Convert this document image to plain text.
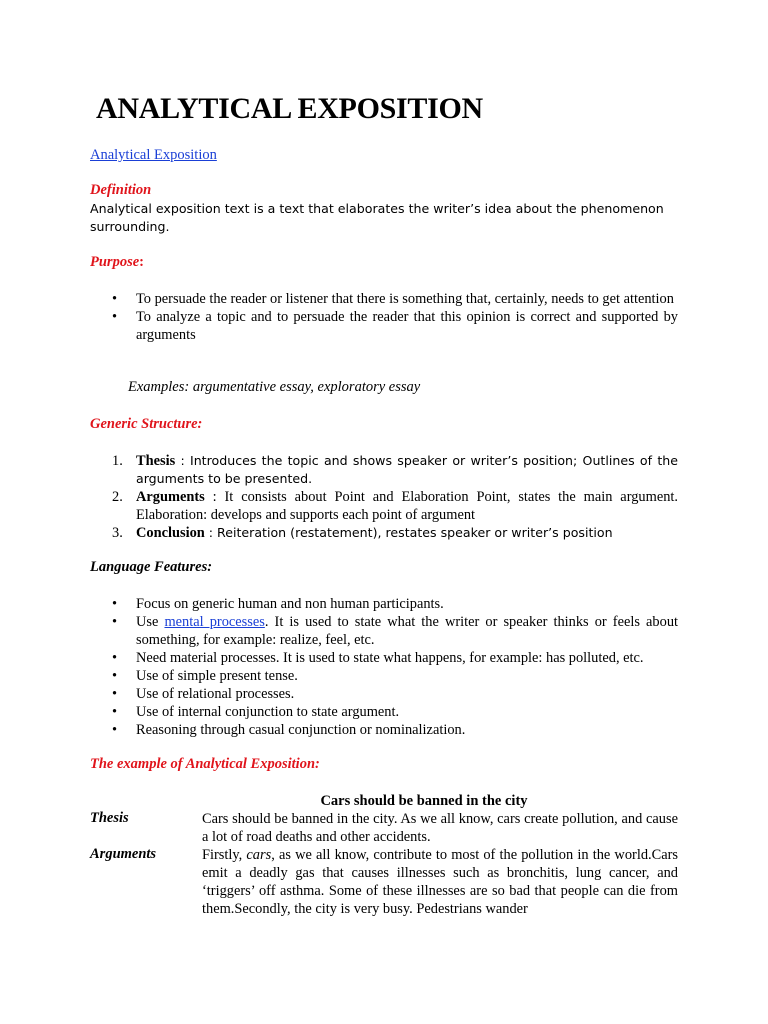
ANALYTICAL EXPOSITION
Analytical Exposition
Definition
Analytical exposition text is a text that elaborates the writer’s idea about the phenomenon surrounding.
Purpose:
• To persuade the reader or listener that there is something that, certainly, needs to get attention
• To analyze a topic and to persuade the reader that this opinion is correct and supported by arguments
Examples: argumentative essay, exploratory essay
Generic Structure:
1. Thesis : Introduces the topic and shows speaker or writer’s position; Outlines of the arguments to be presented.
2. Arguments : It consists about Point and Elaboration Point, states the main argument. Elaboration: develops and supports each point of argument
3. Conclusion : Reiteration (restatement), restates speaker or writer’s position
Language Features:
• Focus on generic human and non human participants.
• Use mental processes. It is used to state what the writer or speaker thinks or feels about something, for example: realize, feel, etc.
• Need material processes. It is used to state what happens, for example: has polluted, etc.
• Use of simple present tense.
• Use of relational processes.
• Use of internal conjunction to state argument.
• Reasoning through casual conjunction or nominalization.
The example of Analytical Exposition:
Cars should be banned in the city
Thesis	Cars should be banned in the city. As we all know, cars create pollution, and cause a lot of road deaths and other accidents.
Arguments	Firstly, cars, as we all know, contribute to most of the pollution in the world.Cars emit a deadly gas that causes illnesses such as bronchitis, lung cancer, and ‘triggers’ off asthma. Some of these illnesses are so bad that people can die from them.Secondly, the city is very busy. Pedestrians wander
